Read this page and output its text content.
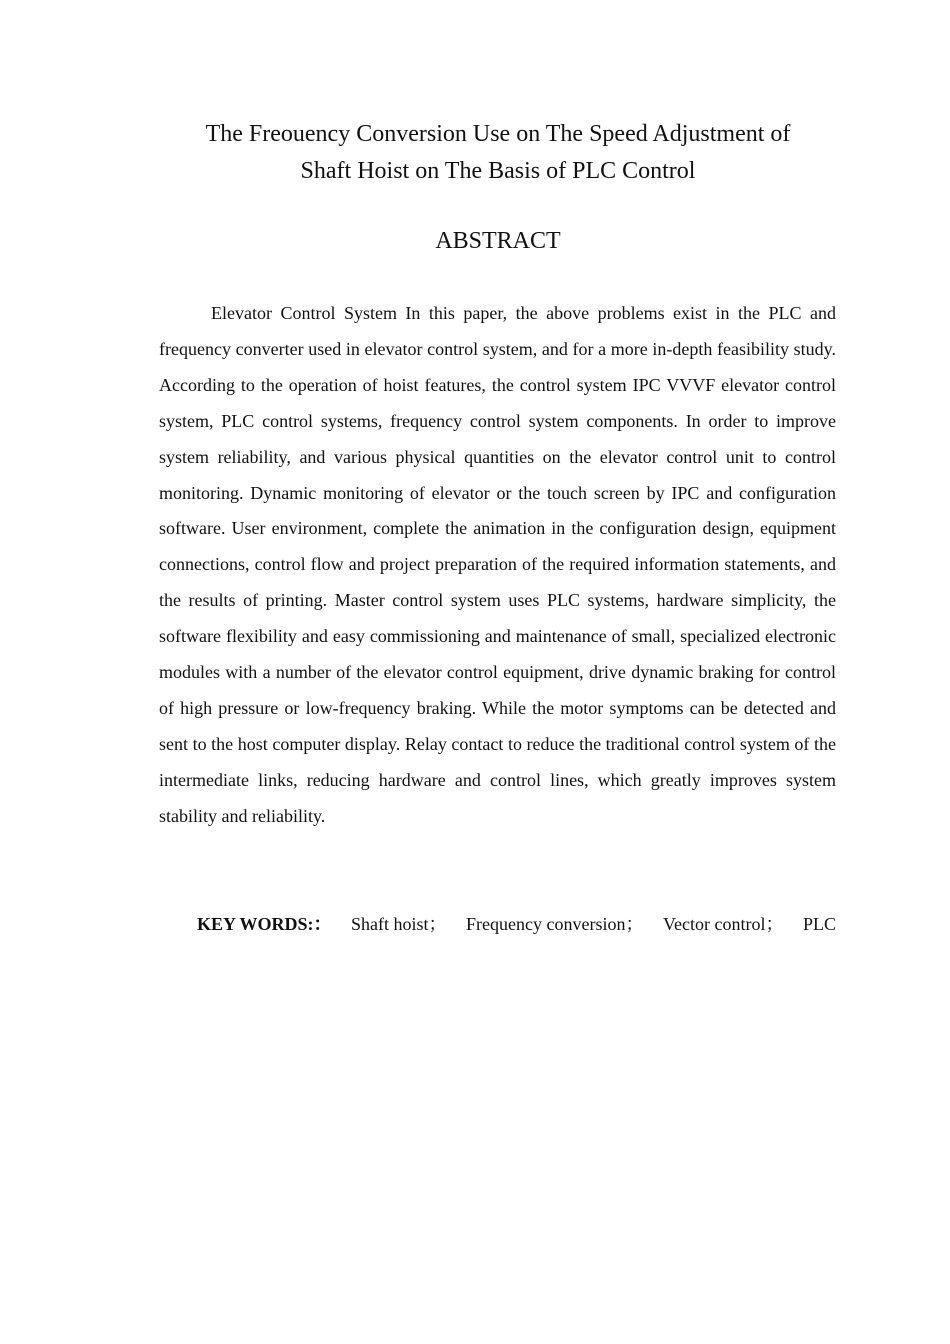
The Freouency Conversion Use on The Speed Adjustment of
Shaft Hoist on The Basis of PLC Control
ABSTRACT

Elevator Control System In this paper, the above problems exist in the PLC and frequency converter used in elevator control system, and for a more in-depth feasibility study. According to the operation of hoist features, the control system IPC VVVF elevator control system, PLC control systems, frequency control system components. In order to improve system reliability, and various physical quantities on the elevator control unit to control monitoring. Dynamic monitoring of elevator or the touch screen by IPC and configuration software. User environment, complete the animation in the configuration design, equipment connections, control flow and project preparation of the required information statements, and the results of printing. Master control system uses PLC systems, hardware simplicity, the software flexibility and easy commissioning and maintenance of small, specialized electronic modules with a number of the elevator control equipment, drive dynamic braking for control of high pressure or low-frequency braking. While the motor symptoms can be detected and sent to the host computer display. Relay contact to reduce the traditional control system of the intermediate links, reducing hardware and control lines, which greatly improves system stability and reliability.

KEY WORDS:： Shaft hoist； Frequency conversion； Vector control； PLC
